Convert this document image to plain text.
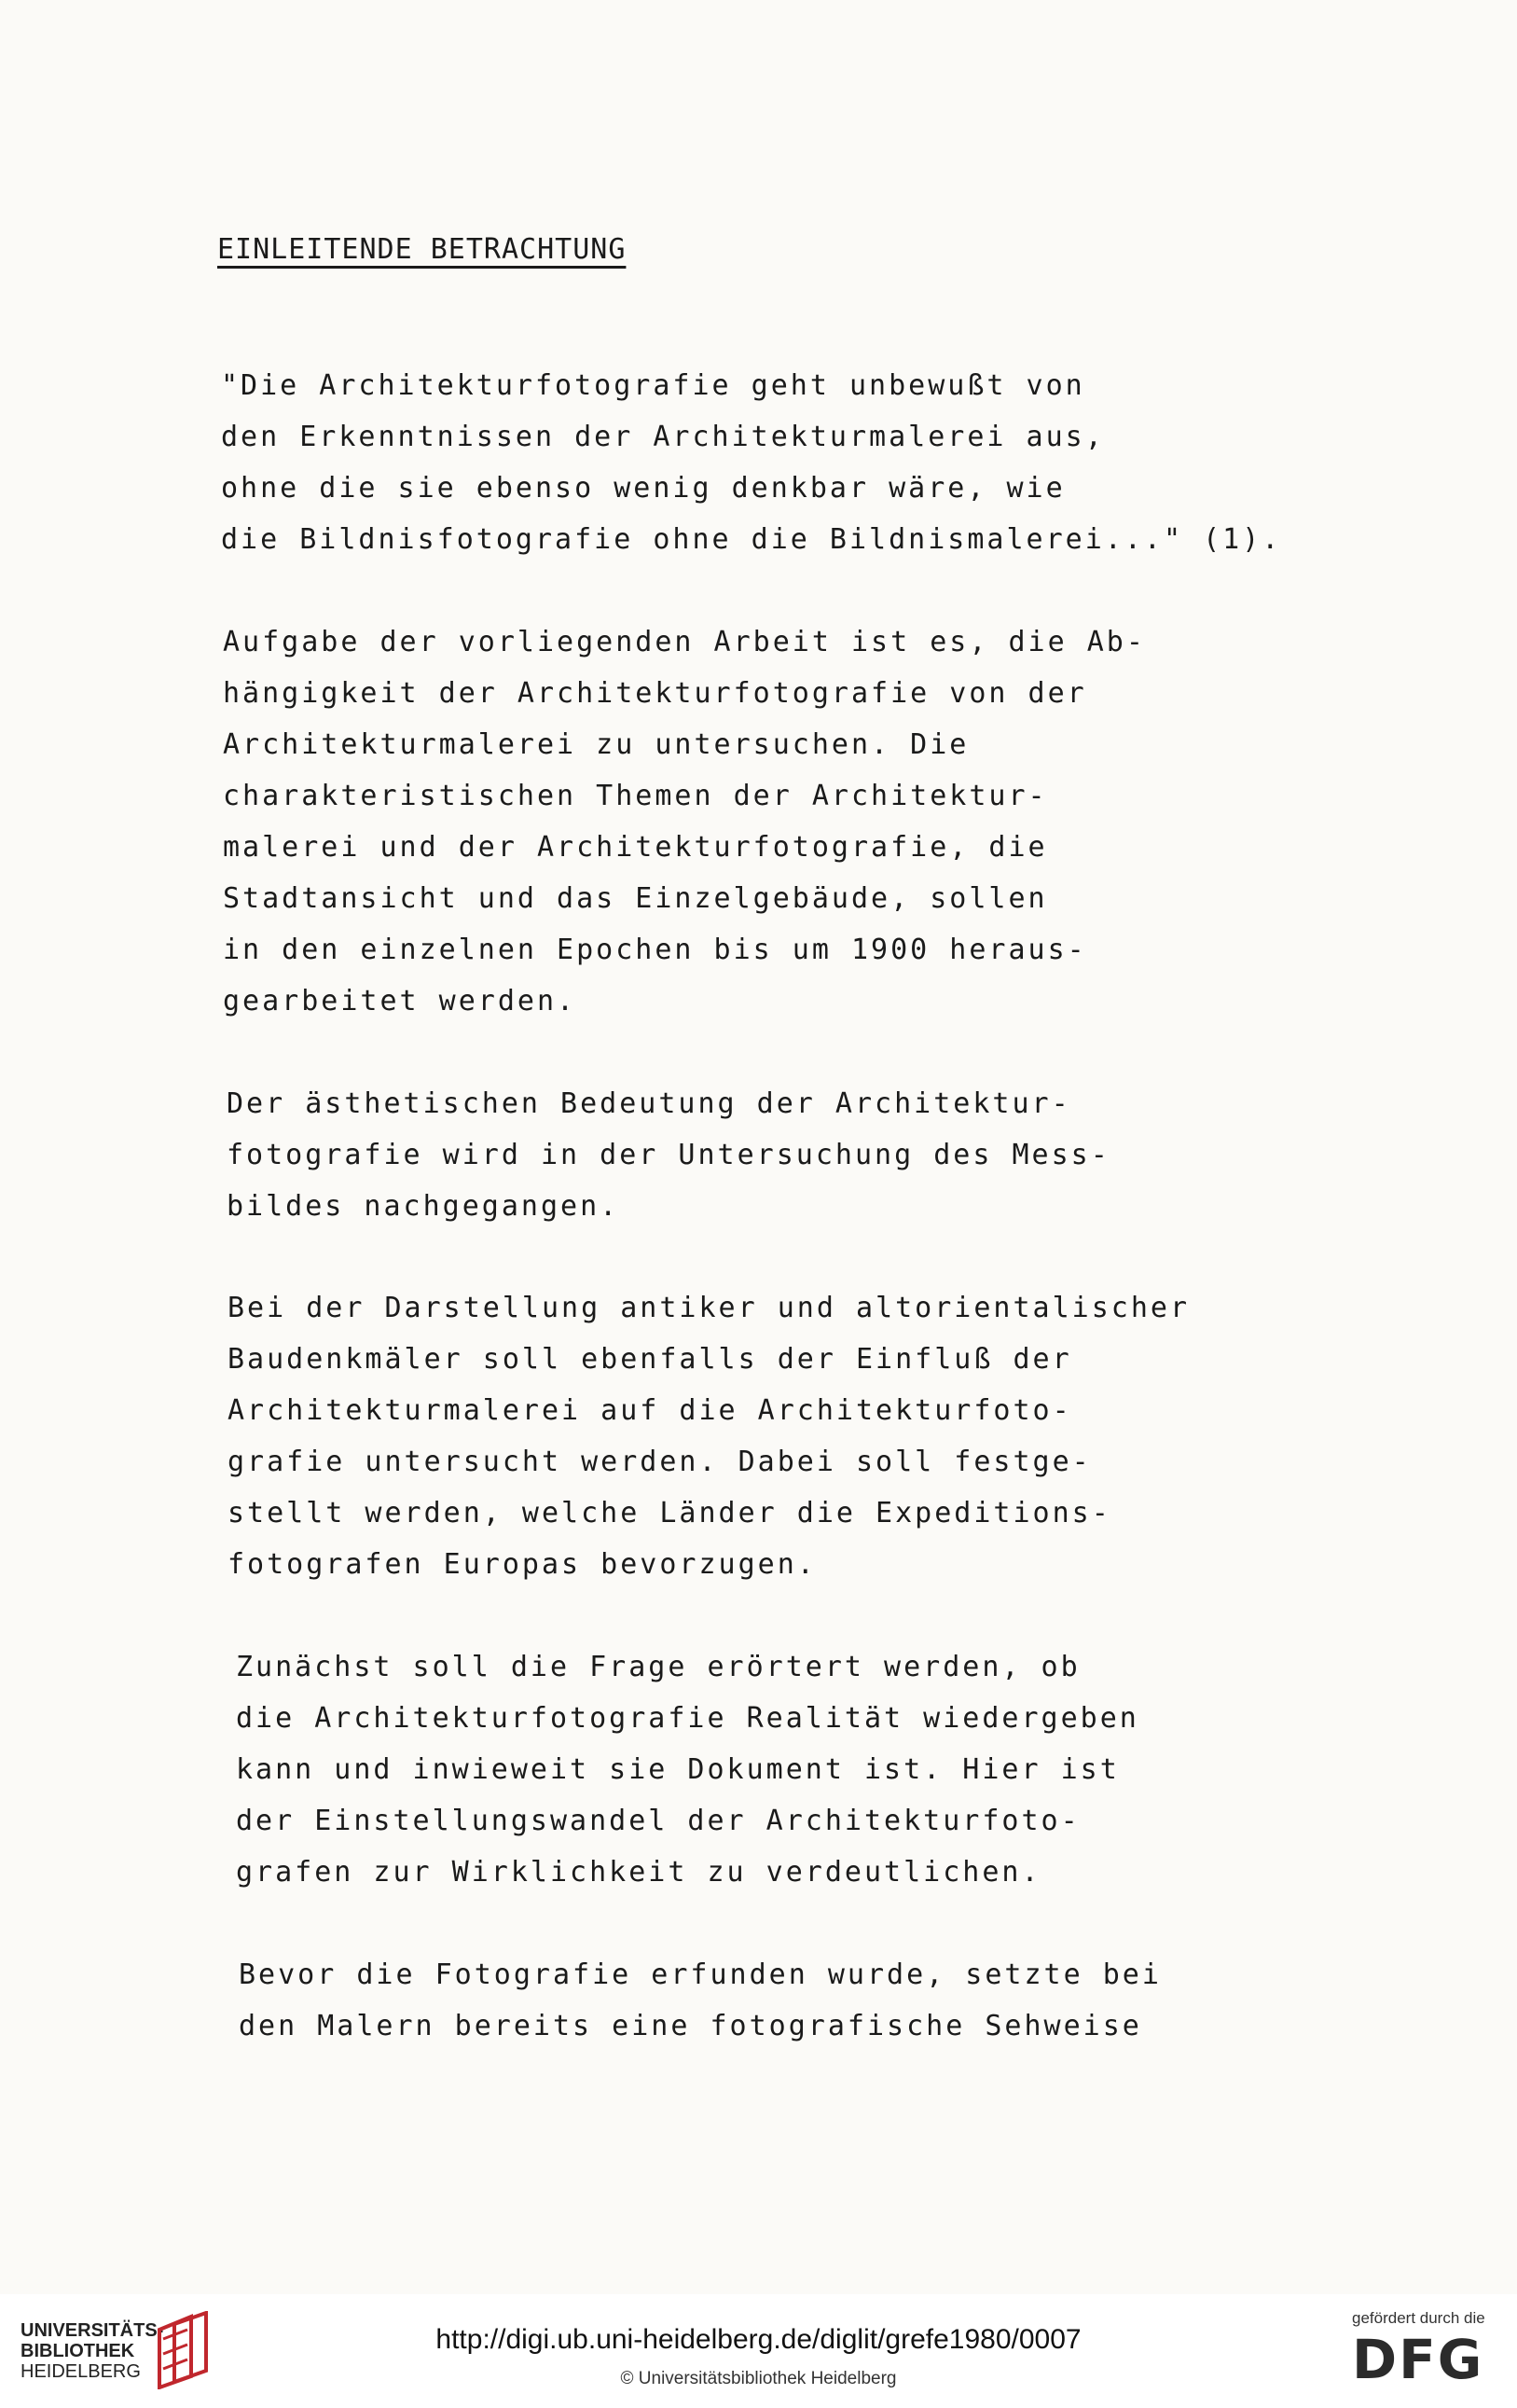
EINLEITENDE BETRACHTUNG
"Die Architekturfotografie geht unbewußt von
den Erkenntnissen der Architekturmalerei aus,
ohne die sie ebenso wenig denkbar wäre, wie
die Bildnisfotografie ohne die Bildnismalerei..." (1).
Aufgabe der vorliegenden Arbeit ist es, die Ab-
hängigkeit der Architekturfotografie von der
Architekturmalerei zu untersuchen. Die
charakteristischen Themen der Architektur-
malerei und der Architekturfotografie, die
Stadtansicht und das Einzelgebäude, sollen
in den einzelnen Epochen bis um 1900 heraus-
gearbeitet werden.
Der ästhetischen Bedeutung der Architektur-
fotografie wird in der Untersuchung des Mess-
bildes nachgegangen.
Bei der Darstellung antiker und altorientalischer
Baudenkmäler soll ebenfalls der Einfluß der
Architekturmalerei auf die Architekturfoto-
grafie untersucht werden. Dabei soll festge-
stellt werden, welche Länder die Expeditions-
fotografen Europas bevorzugen.
Zunächst soll die Frage erörtert werden, ob
die Architekturfotografie Realität wiedergeben
kann und inwieweit sie Dokument ist. Hier ist
der Einstellungswandel der Architekturfoto-
grafen zur Wirklichkeit zu verdeutlichen.
Bevor die Fotografie erfunden wurde, setzte bei
den Malern bereits eine fotografische Sehweise
UNIVERSITÄTS-
BIBLIOTHEK
HEIDELBERG
http://digi.ub.uni-heidelberg.de/diglit/grefe1980/0007
© Universitätsbibliothek Heidelberg
gefördert durch die
DFG
